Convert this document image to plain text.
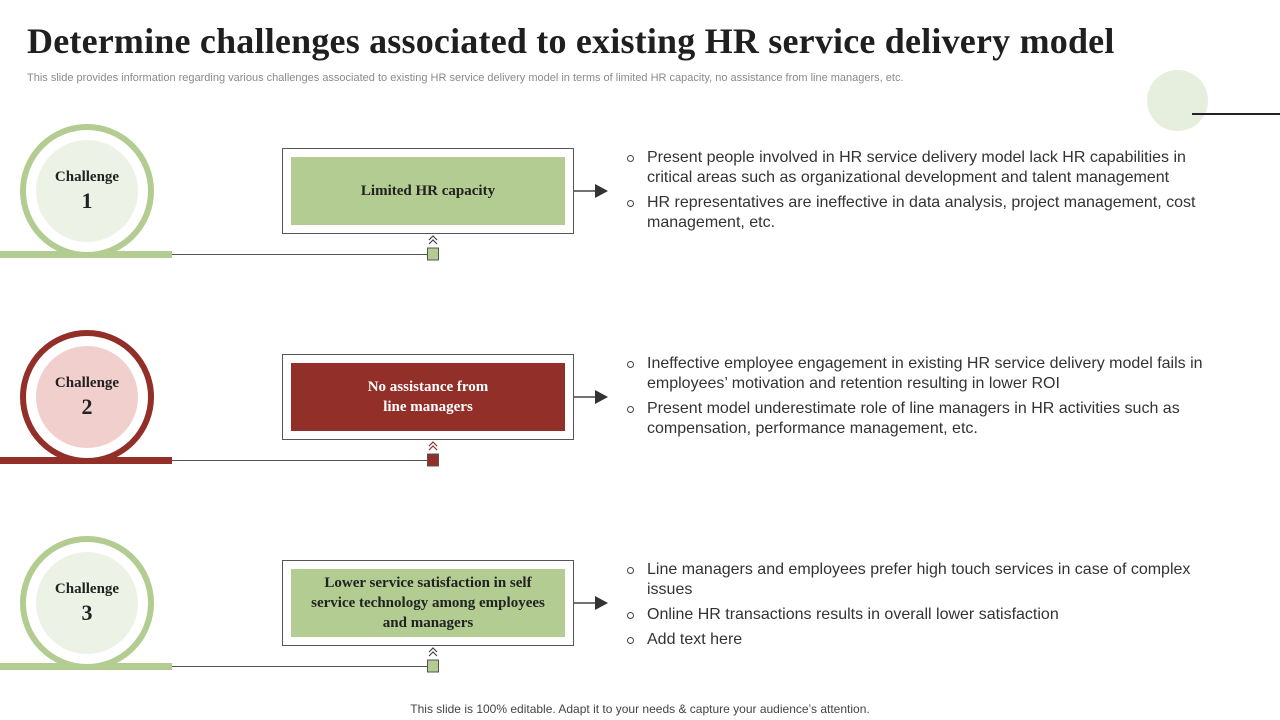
Determine challenges associated to existing HR service delivery model

This slide provides information regarding various challenges associated to existing HR service delivery model in terms of limited HR capacity, no assistance from line managers, etc.

Challenge
1	Limited HR capacity
Present people involved in HR service delivery model lack HR capabilities in critical areas such as organizational development and talent management
HR representatives are ineffective in data analysis, project management, cost management, etc.
Challenge
2
No assistance from
line managers
Ineffective employee engagement in existing HR service delivery model fails in employees’ motivation and retention resulting in lower ROI
Present model underestimate role of line managers in HR activities such as compensation, performance management, etc.
Challenge
3
Lower service satisfaction in self service technology among employees and managers
Line managers and employees prefer high touch services in case of complex issues
Online HR transactions results in overall lower satisfaction
Add text here
This slide is 100% editable. Adapt it to your needs & capture your audience’s attention.
